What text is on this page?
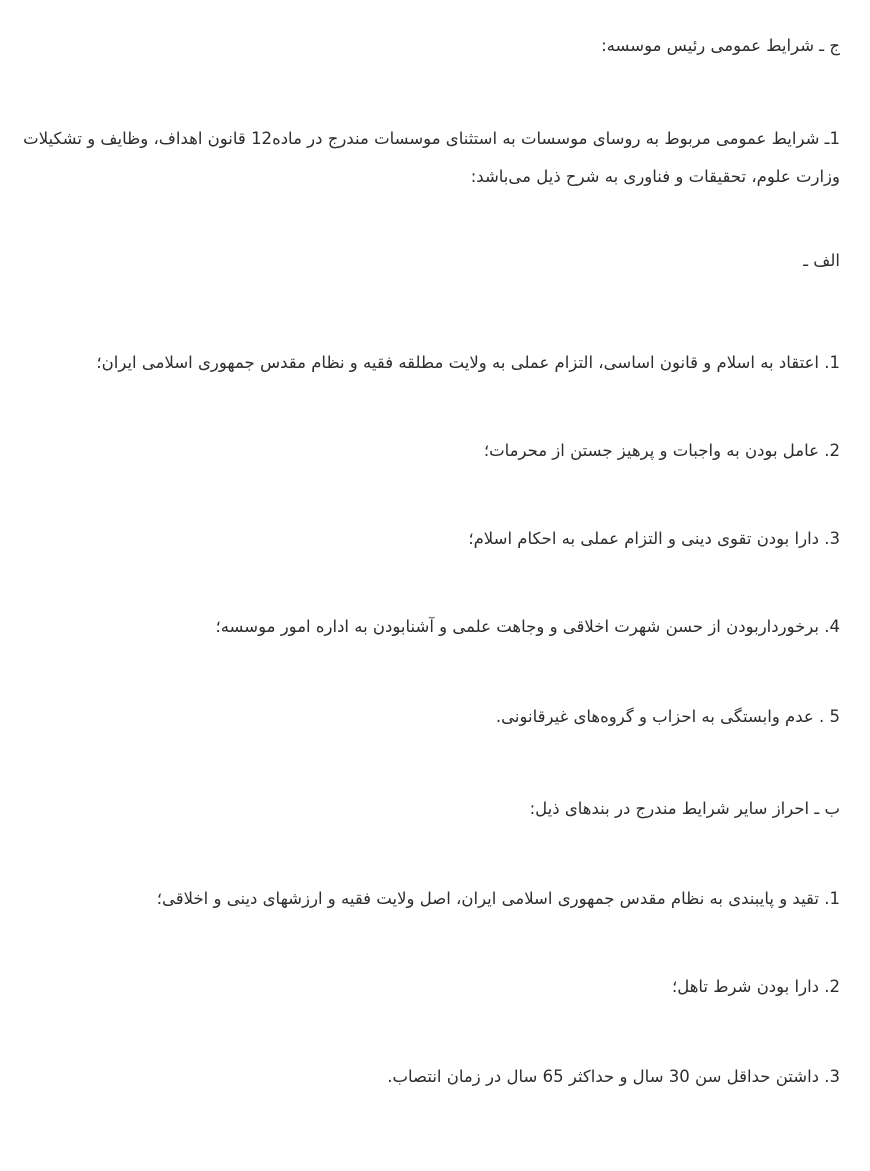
ج ـ شرایط عمومی رئیس موسسه:
1ـ شرایط عمومی مربوط به روسای موسسات به استثنای موسسات مندرج در ماده12 قانون اهداف، وظایف و تشکیلات
وزارت علوم، تحقیقات و فناوری به شرح ذیل می‌باشد:
الف ـ
1. اعتقاد به اسلام و قانون اساسی، التزام عملی به ولایت مطلقه فقیه و نظام مقدس جمهوری اسلامی ایران؛
2. عامل بودن به واجبات و پرهیز جستن از محرمات؛
3. دارا بودن تقوی دینی و التزام عملی به احکام اسلام؛
4. برخورداربودن از حسن شهرت اخلاقی و وجاهت علمی و آشنابودن به اداره امور موسسه؛
5 . عدم وابستگی به احزاب و گروه‌های غیرقانونی.
ب ـ احراز سایر شرایط مندرج در بندهای ذیل:
1. تقید و پایبندی به نظام مقدس جمهوری اسلامی ایران، اصل ولایت فقیه و ارزشهای دینی و اخلاقی؛
2. دارا بودن شرط تاهل؛
3. داشتن حداقل سن 30 سال و حداکثر 65 سال در زمان انتصاب.
